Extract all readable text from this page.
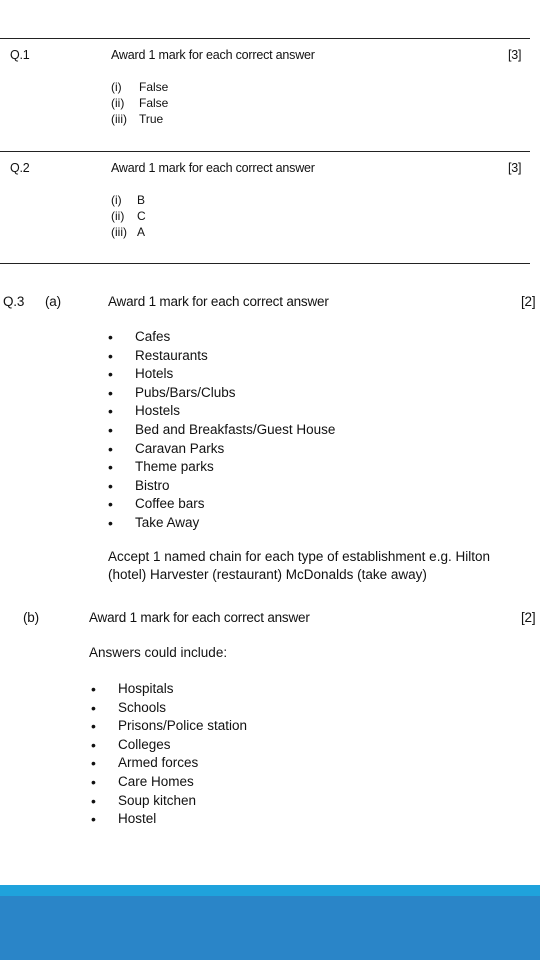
Q.1	Award 1 mark for each correct answer	[3]
(i) False
(ii) False
(iii) True
Q.2	Award 1 mark for each correct answer	[3]
(i) B
(ii) C
(iii) A
Q.3 (a)	Award 1 mark for each correct answer	[2]
• Cafes
• Restaurants
• Hotels
• Pubs/Bars/Clubs
• Hostels
• Bed and Breakfasts/Guest House
• Caravan Parks
• Theme parks
• Bistro
• Coffee bars
• Take Away
Accept 1 named chain for each type of establishment e.g. Hilton
(hotel) Harvester (restaurant) McDonalds (take away)
(b)	Award 1 mark for each correct answer	[2]
Answers could include:
• Hospitals
• Schools
• Prisons/Police station
• Colleges
• Armed forces
• Care Homes
• Soup kitchen
• Hostel
